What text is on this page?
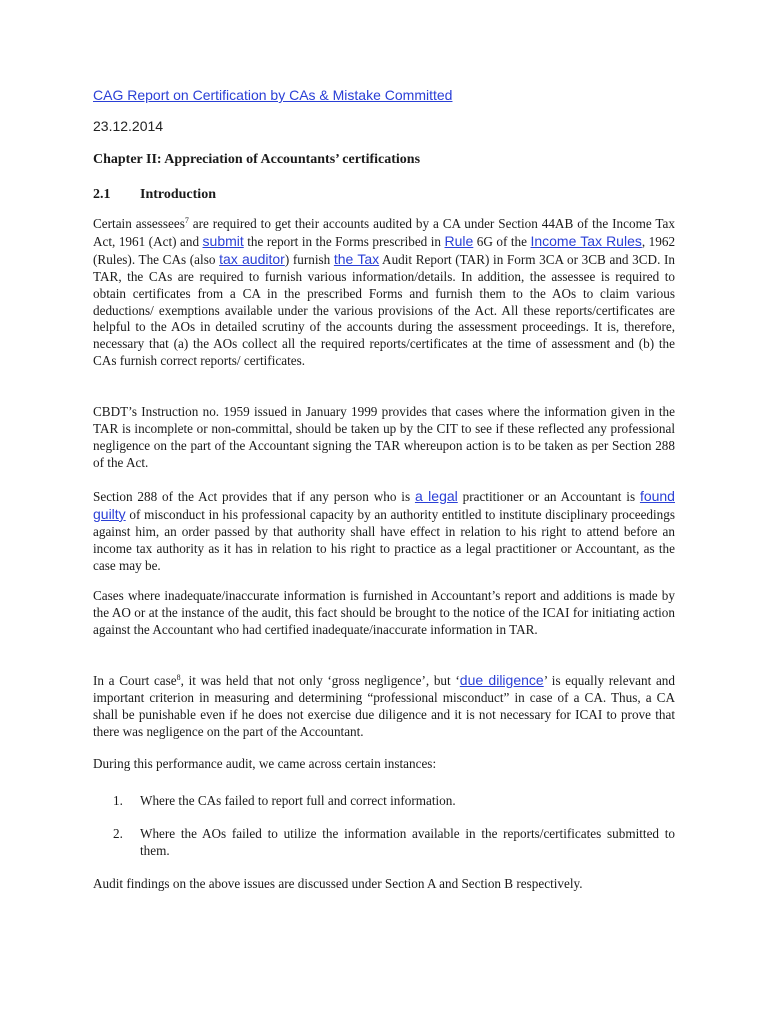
CAG Report on Certification by CAs & Mistake Committed
23.12.2014
Chapter II: Appreciation of Accountants’ certifications
2.1 Introduction

Certain assessees$^7$ are required to get their accounts audited by a CA under Section 44AB of the Income Tax Act, 1961 (Act) and submit the report in the Forms prescribed in Rule 6G of the Income Tax Rules, 1962 (Rules). The CAs (also tax auditor) furnish the Tax Audit Report (TAR) in Form 3CA or 3CB and 3CD. In TAR, the CAs are required to furnish various information/details. In addition, the assessee is required to obtain certificates from a CA in the prescribed Forms and furnish them to the AOs to claim various deductions/ exemptions available under the various provisions of the Act. All these reports/certificates are helpful to the AOs in detailed scrutiny of the accounts during the assessment proceedings. It is, therefore, necessary that (a) the AOs collect all the required reports/certificates at the time of assessment and (b) the CAs furnish correct reports/ certificates.

CBDT’s Instruction no. 1959 issued in January 1999 provides that cases where the information given in the TAR is incomplete or non-committal, should be taken up by the CIT to see if these reflected any professional negligence on the part of the Accountant signing the TAR whereupon action is to be taken as per Section 288 of the Act.

Section 288 of the Act provides that if any person who is a legal practitioner or an Accountant is found guilty of misconduct in his professional capacity by an authority entitled to institute disciplinary proceedings against him, an order passed by that authority shall have effect in relation to his right to attend before an income tax authority as it has in relation to his right to practice as a legal practitioner or Accountant, as the case may be.

Cases where inadequate/inaccurate information is furnished in Accountant’s report and additions is made by the AO or at the instance of the audit, this fact should be brought to the notice of the ICAI for initiating action against the Accountant who had certified inadequate/inaccurate information in TAR.

In a Court case$^8$, it was held that not only ‘gross negligence’, but ‘due diligence’ is equally relevant and important criterion in measuring and determining “professional misconduct” in case of a CA. Thus, a CA shall be punishable even if he does not exercise due diligence and it is not necessary for ICAI to prove that there was negligence on the part of the Accountant.

During this performance audit, we came across certain instances:

1. Where the CAs failed to report full and correct information.
2. Where the AOs failed to utilize the information available in the reports/certificates submitted to them.

Audit findings on the above issues are discussed under Section A and Section B respectively.
